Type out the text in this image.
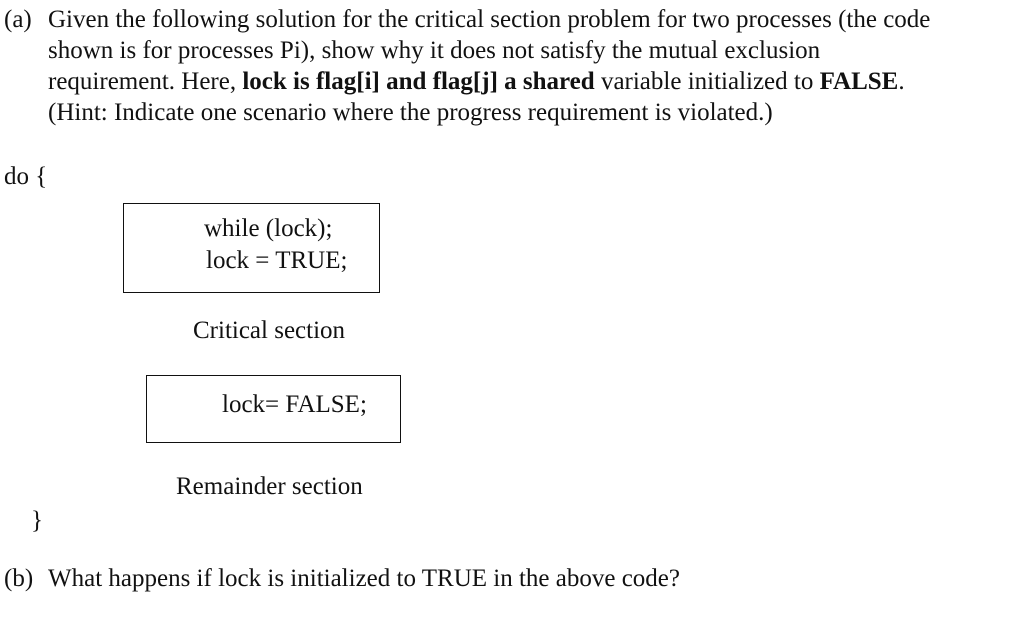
(a) Given the following solution for the critical section problem for two processes (the code
shown is for processes Pi), show why it does not satisfy the mutual exclusion
requirement. Here, lock is flag[i] and flag[j] a shared variable initialized to FALSE.
(Hint: Indicate one scenario where the progress requirement is violated.)
do {
while (lock);
lock = TRUE;
Critical section
lock= FALSE;
Remainder section
}
(b) What happens if lock is initialized to TRUE in the above code?
